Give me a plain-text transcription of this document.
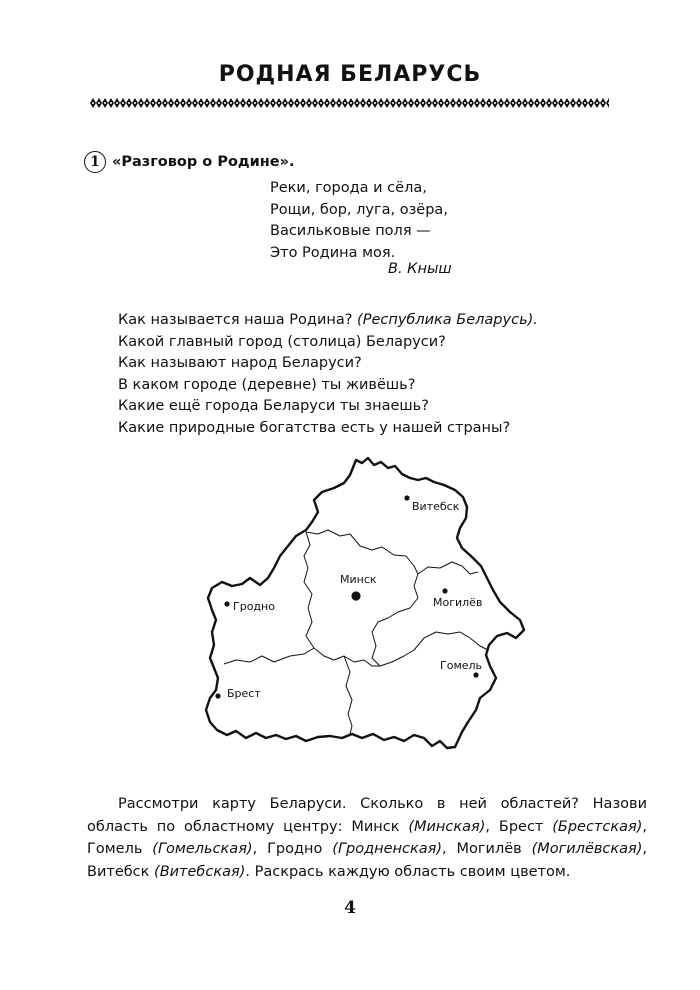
РОДНАЯ БЕЛАРУСЬ
1 «Разговор о Родине».
Реки, города и сёла,
Рощи, бор, луга, озёра,
Васильковые поля —
Это Родина моя.
В. Кныш
Как называется наша Родина? (Республика Беларусь).
Какой главный город (столица) Беларуси?
Как называют народ Беларуси?
В каком городе (деревне) ты живёшь?
Какие ещё города Беларуси ты знаешь?
Какие природные богатства есть у нашей страны?
Витебск
Минск
Гродно	Могилёв
Брест
Гомель
Рассмотри карту Беларуси. Сколько в ней областей? Назови область по областному центру: Минск (Минская), Брест (Брестская), Гомель (Гомельская), Гродно (Гродненская), Могилёв (Могилёвская), Витебск (Витебская). Раскрась каждую область своим цветом.
4
